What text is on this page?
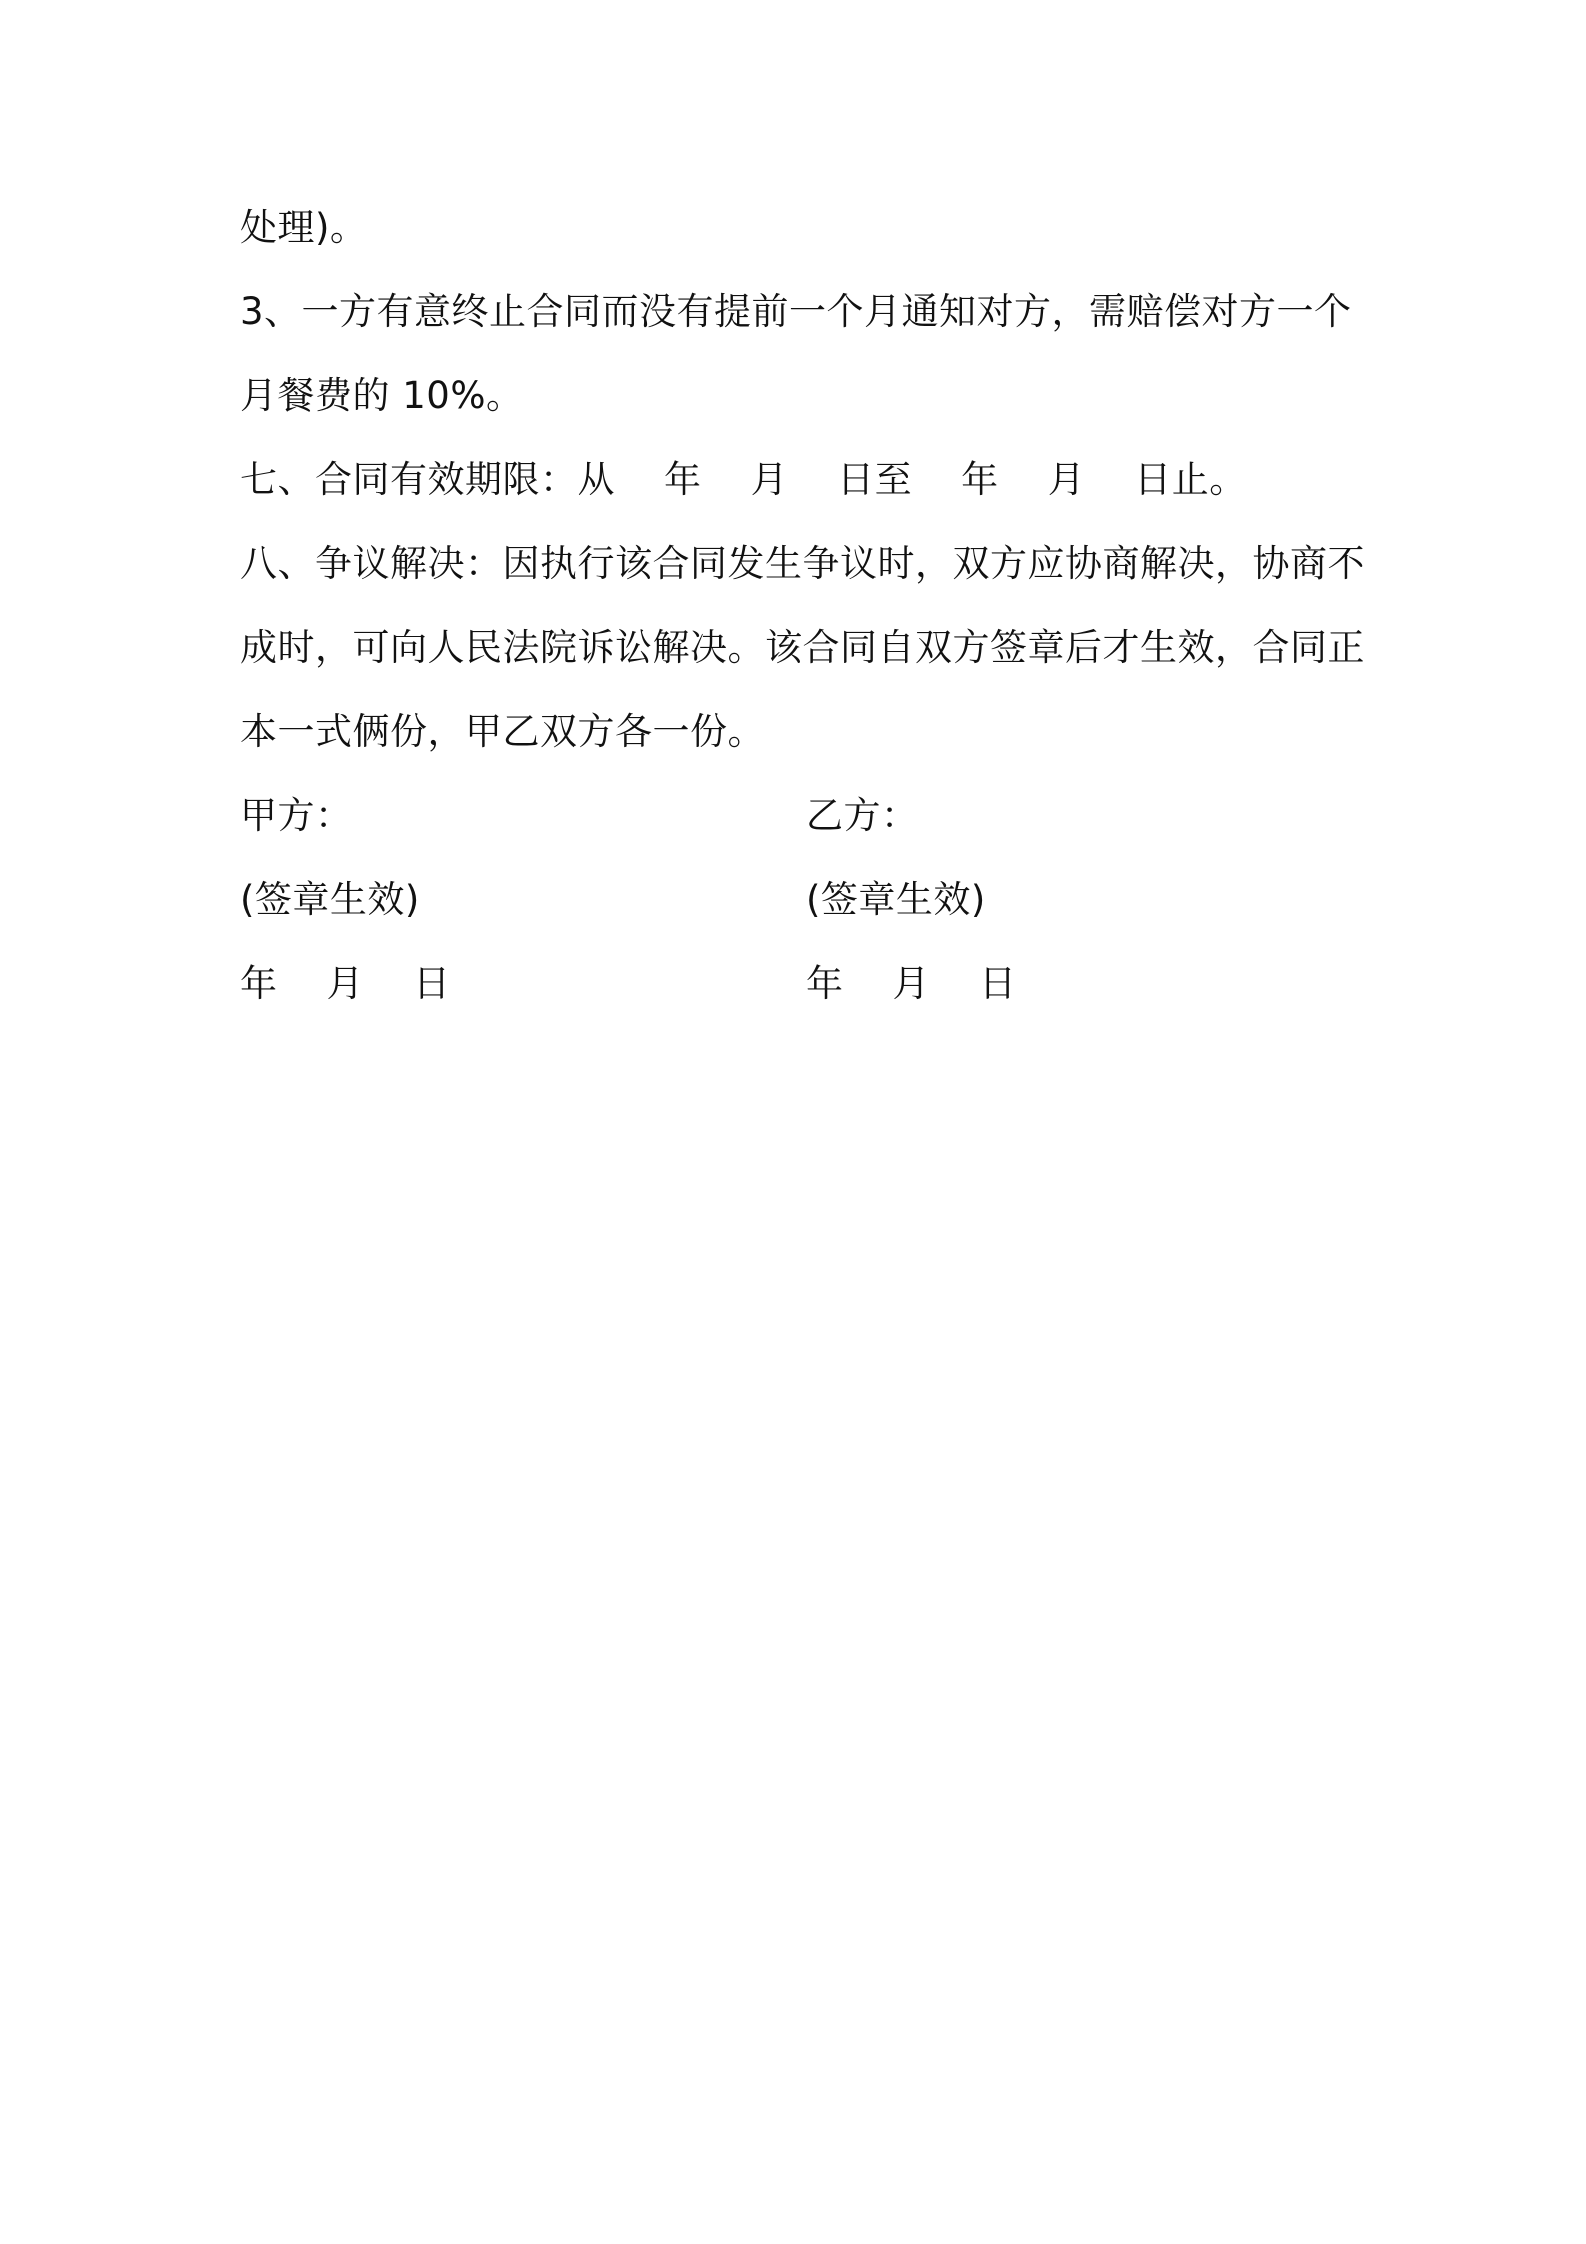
处理)。
3、一方有意终止合同而没有提前一个月通知对方，需赔偿对方一个
月餐费的 10%。
七、合同有效期限：从    年    月    日至    年    月    日止。
八、争议解决：因执行该合同发生争议时，双方应协商解决，协商不
成时，可向人民法院诉讼解决。该合同自双方签章后才生效，合同正
本一式俩份，甲乙双方各一份。
甲方：	乙方：
(签章生效)	(签章生效)
年    月    日	年    月    日
